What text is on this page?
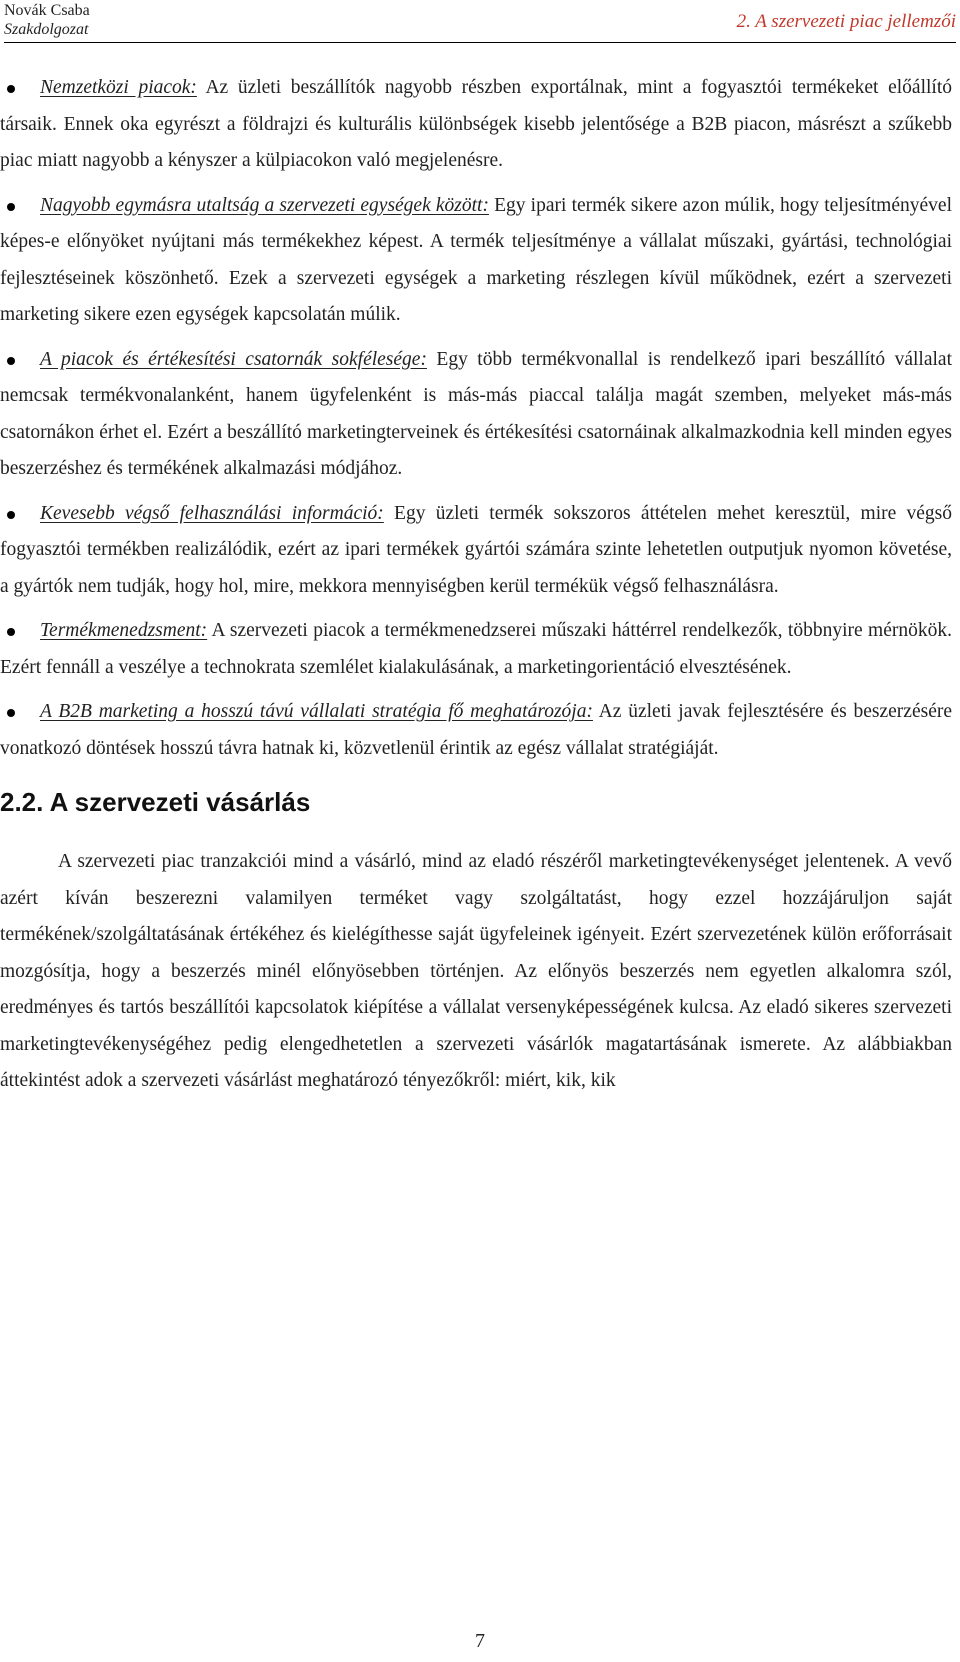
Novák Csaba
Szakdolgozat	2. A szervezeti piac jellemzői

Nemzetközi piacok: Az üzleti beszállítók nagyobb részben exportálnak, mint a fogyasztói termékeket előállító társaik. Ennek oka egyrészt a földrajzi és kulturális különbségek kisebb jelentősége a B2B piacon, másrészt a szűkebb piac miatt nagyobb a kényszer a külpiacokon való megjelenésre.

Nagyobb egymásra utaltság a szervezeti egységek között: Egy ipari termék sikere azon múlik, hogy teljesítményével képes-e előnyöket nyújtani más termékekhez képest. A termék teljesítménye a vállalat műszaki, gyártási, technológiai fejlesztéseinek köszönhető. Ezek a szervezeti egységek a marketing részlegen kívül működnek, ezért a szervezeti marketing sikere ezen egységek kapcsolatán múlik.

A piacok és értékesítési csatornák sokfélesége: Egy több termékvonallal is rendelkező ipari beszállító vállalat nemcsak termékvonalanként, hanem ügyfelenként is más-más piaccal találja magát szemben, melyeket más-más csatornákon érhet el. Ezért a beszállító marketingterveinek és értékesítési csatornáinak alkalmazkodnia kell minden egyes beszerzéshez és termékének alkalmazási módjához.

Kevesebb végső felhasználási információ: Egy üzleti termék sokszoros áttételen mehet keresztül, mire végső fogyasztói termékben realizálódik, ezért az ipari termékek gyártói számára szinte lehetetlen outputjuk nyomon követése, a gyártók nem tudják, hogy hol, mire, mekkora mennyiségben kerül termékük végső felhasználásra.

Termékmenedzsment: A szervezeti piacok a termékmenedzserei műszaki háttérrel rendelkezők, többnyire mérnökök. Ezért fennáll a veszélye a technokrata szemlélet kialakulásának, a marketingorientáció elvesztésének.

A B2B marketing a hosszú távú vállalati stratégia fő meghatározója: Az üzleti javak fejlesztésére és beszerzésére vonatkozó döntések hosszú távra hatnak ki, közvetlenül érintik az egész vállalat stratégiáját.

2.2. A szervezeti vásárlás

A szervezeti piac tranzakciói mind a vásárló, mind az eladó részéről marketingtevékenységet jelentenek. A vevő azért kíván beszerezni valamilyen terméket vagy szolgáltatást, hogy ezzel hozzájáruljon saját termékének/szolgáltatásának értékéhez és kielégíthesse saját ügyfeleinek igényeit. Ezért szervezetének külön erőforrásait mozgósítja, hogy a beszerzés minél előnyösebben történjen. Az előnyös beszerzés nem egyetlen alkalomra szól, eredményes és tartós beszállítói kapcsolatok kiépítése a vállalat versenyképességének kulcsa. Az eladó sikeres szervezeti marketingtevékenységéhez pedig elengedhetetlen a szervezeti vásárlók magatartásának ismerete. Az alábbiakban áttekintést adok a szervezeti vásárlást meghatározó tényezőkről: miért, kik, kik

7
